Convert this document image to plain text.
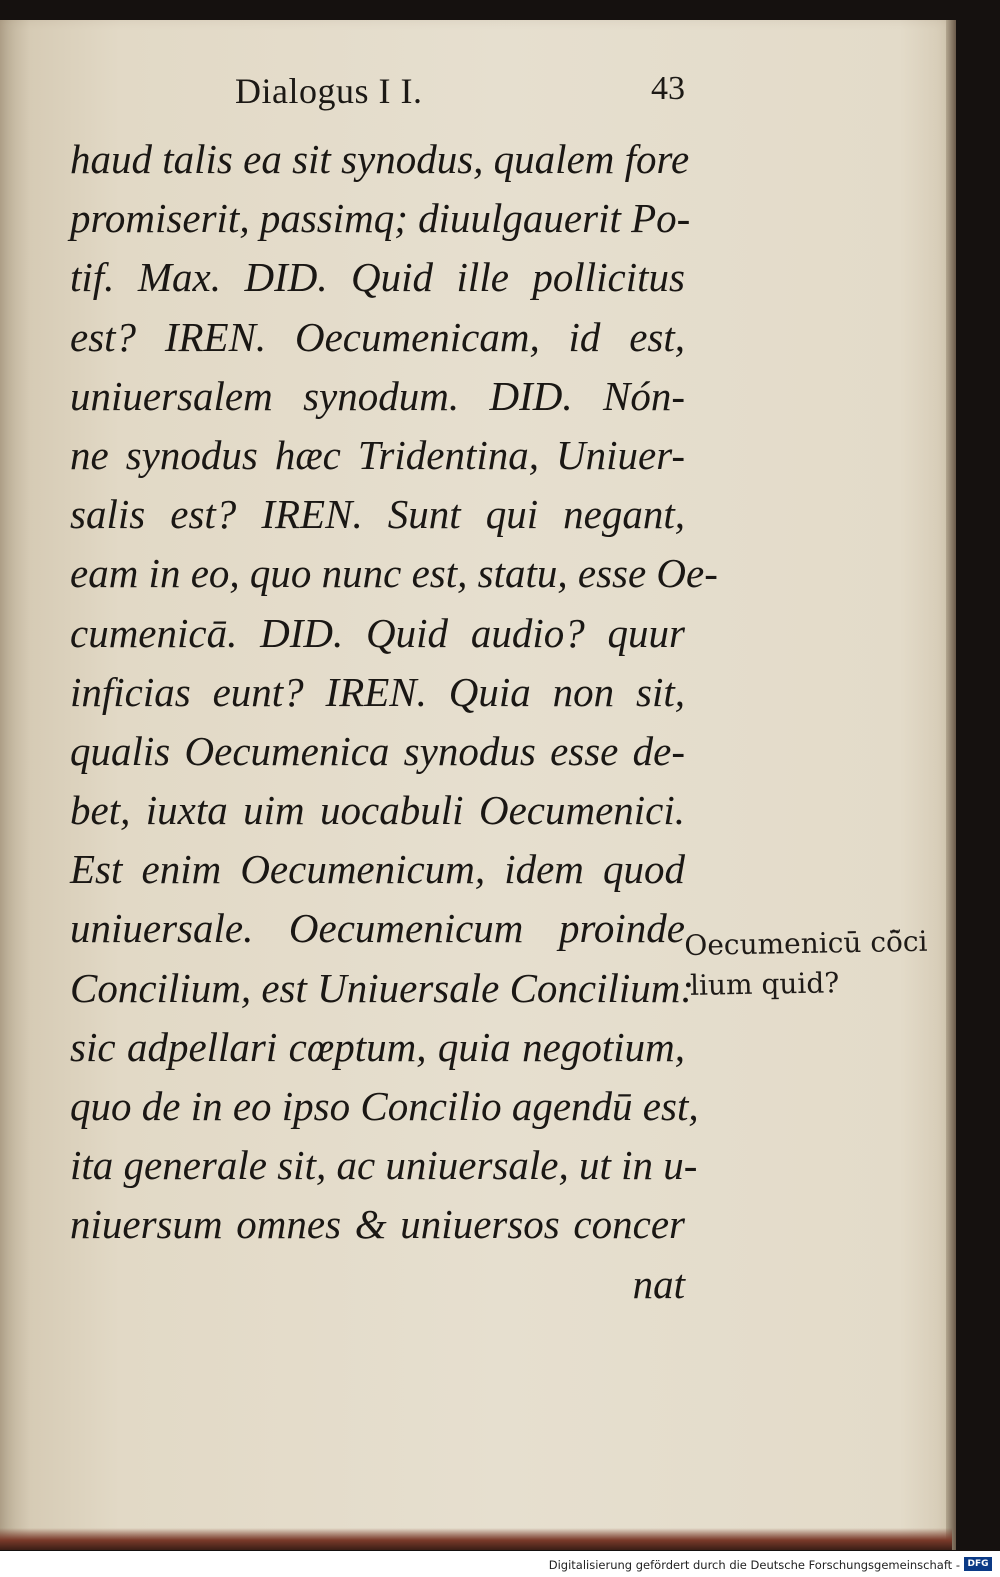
Dialogus I I.	43
haud talis ea sit synodus, qualem fore
promiserit, passimq; diuulgauerit Po-
tif. Max. DID. Quid ille pollicitus
est? IREN. Oecumenicam, id est,
uniuersalem synodum. DID. Nón-
ne synodus hæc Tridentina, Uniuer-
salis est? IREN. Sunt qui negant,
eam in eo, quo nunc est, statu, esse Oe-
cumenicā. DID. Quid audio? quur
inficias eunt? IREN. Quia non sit,
qualis Oecumenica synodus esse de-
bet, iuxta uim uocabuli Oecumenici.
Est enim Oecumenicum, idem quod
uniuersale. Oecumenicum proinde
Concilium, est Uniuersale Concilium:
sic adpellari cœptum, quia negotium,
quo de in eo ipso Concilio agendū est,
ita generale sit, ac uniuersale, ut in u-
niuersum omnes & uniuersos concer
nat
Oecumenicū cō̃ci
lium quid?
Digitalisierung gefördert durch die Deutsche Forschungsgemeinschaft - DFG
